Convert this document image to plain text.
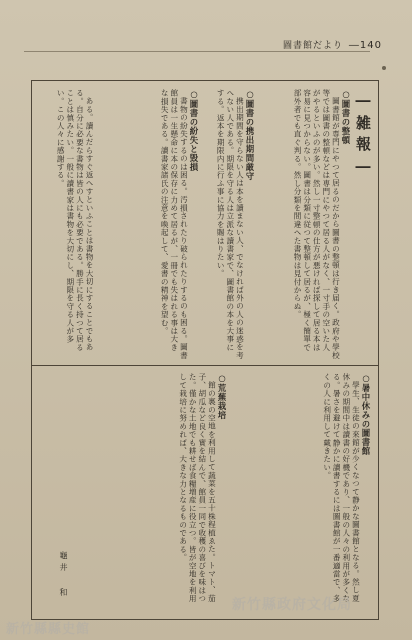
圖書館だより ―140
―雑報―
○圖書の整頓

圖書館が専門にやつて居るのだから圖書の整頓は行き届く。政府や學校等では圖書の整頓などは専門にやつて居る人がなく、一寸手の空いた人がやるといふのが多い。然し一寸整頓の仕方が悪ければ探して居る本は容易に見つからない。圖書は分類に従つて整頓して居るが、極く簡單で部外者でも直ぐ判る。然し分類を間違へた書物は見付からぬ。

○圖書の携出期間厳守

携出期間を守らない人は本を讀まない人、でなければ外の人の迷惑を考へない人である。期限を守る人は立派な讀書家で、圖書館の本を大事にする。返本を期限内に行ふ事に協力を賜はりたい。

○圖書の紛失と毀損

書物の紛失するのは困る。汚損されたり破られたりするのも困る。圖書館員は一生懸命に本の保存に力めて居るが、一冊でも失はれる事は大きな損失である。讀書家諸氏の注意を喚起して、愛書の精神を望む。

ある。讀んだらすぐ返へすといふことは書物を大切にすることでもある。自分に必要な書物は皆の人にも必要である。勝手に長く持つて居ることは慎みたい。一般に讀書家は書物を大切にし、期限を守る人が多い。この人々に感謝する。

○暑中休みの圖書館

學生、生徒の來館が少くなつて静かな圖書館となる。然し夏休みの期間中は讀書の好機であり、一般の人々の利用が多くなる。暑さを避けて静かに讀書するには圖書館が一番適當で、多くの人に利用して戴きたい。

○荒蕪栽培

館の裏の空地を利用して蔬菜を五十株程植ゑた。トマト、茄子、胡瓜など良く實を結んで、館員一同で收穫の喜びを味はつた。僅かな土地でも耕せば食糧増産に役立つ。皆が空地を利用して栽培に努めれば、大きな力となるものである。

龜井 和
新竹縣政府文化局
新竹縣縣史館
